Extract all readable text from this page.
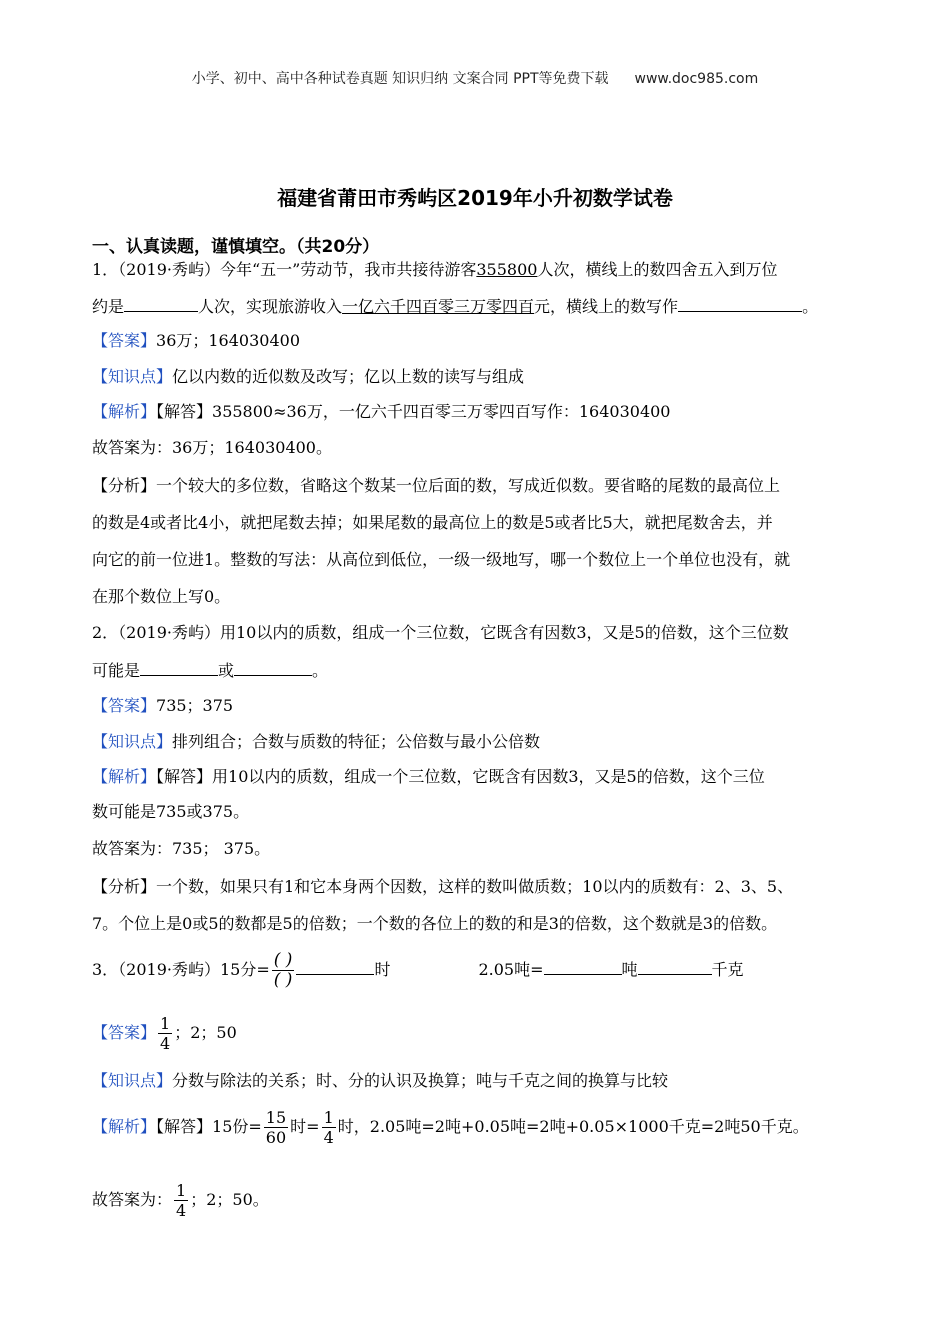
小学、初中、高中各种试卷真题 知识归纳 文案合同 PPT等免费下载 www.doc985.com
福建省莆田市秀屿区2019年小升初数学试卷
一、认真读题，谨慎填空。（共20分）
1．（2019·秀屿）今年“五一”劳动节，我市共接待游客355800人次，横线上的数四舍五入到万位
约是	人次，实现旅游收入一亿六千四百零三万零四百元，横线上的数写作	。
【答案】36万；164030400
【知识点】亿以内数的近似数及改写；亿以上数的读写与组成
【解析】【解答】355800≈36万，一亿六千四百零三万零四百写作：164030400
故答案为：36万；164030400。
【分析】一个较大的多位数，省略这个数某一位后面的数，写成近似数。要省略的尾数的最高位上
的数是4或者比4小，就把尾数去掉；如果尾数的最高位上的数是5或者比5大，就把尾数舍去，并
向它的前一位进1。整数的写法：从高位到低位，一级一级地写，哪一个数位上一个单位也没有，就
在那个数位上写0。
2．（2019·秀屿）用10以内的质数，组成一个三位数，它既含有因数3，又是5的倍数，这个三位数
可能是	或	。
【答案】735；375
【知识点】排列组合；合数与质数的特征；公倍数与最小公倍数
【解析】【解答】用10以内的质数，组成一个三位数，它既含有因数3，又是5的倍数，这个三位
数可能是735或375。
故答案为：735； 375。
【分析】一个数，如果只有1和它本身两个因数，这样的数叫做质数；10以内的质数有：2、3、5、
7。个位上是0或5的数都是5的倍数；一个数的各位上的数的和是3的倍数，这个数就是3的倍数。
3．（2019·秀屿）15分= $\frac{( )}{( )}$	时	2.05吨=	吨	千克
【答案】 $\frac{1}{4}$ ；2；50
【知识点】分数与除法的关系；时、分的认识及换算；吨与千克之间的换算与比较
【解析】【解答】15份= $\frac{15}{60}$ 时= $\frac{1}{4}$ 时，2.05吨=2吨+0.05吨=2吨+0.05×1000千克=2吨50千克。
故答案为： $\frac{1}{4}$ ；2；50。
